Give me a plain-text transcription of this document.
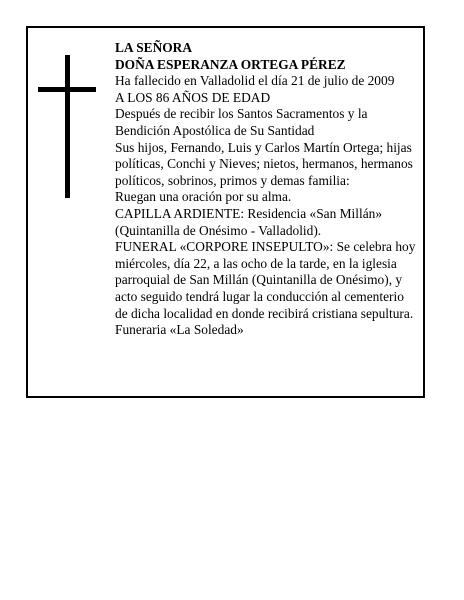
LA SEÑORA
DOÑA ESPERANZA ORTEGA PÉREZ
Ha fallecido en Valladolid el día 21 de julio de 2009
A LOS 86 AÑOS DE EDAD
Después de recibir los Santos Sacramentos y la
Bendición Apostólica de Su Santidad
Sus hijos, Fernando, Luis y Carlos Martín Ortega; hijas
políticas, Conchi y Nieves; nietos, hermanos, hermanos
políticos, sobrinos, primos y demas familia:
Ruegan una oración por su alma.
CAPILLA ARDIENTE: Residencia «San Millán»
(Quintanilla de Onésimo - Valladolid).
FUNERAL «CORPORE INSEPULTO»: Se celebra hoy
miércoles, día 22, a las ocho de la tarde, en la iglesia
parroquial de San Millán (Quintanilla de Onésimo), y
acto seguido tendrá lugar la conducción al cementerio
de dicha localidad en donde recibirá cristiana sepultura.
Funeraria «La Soledad»
